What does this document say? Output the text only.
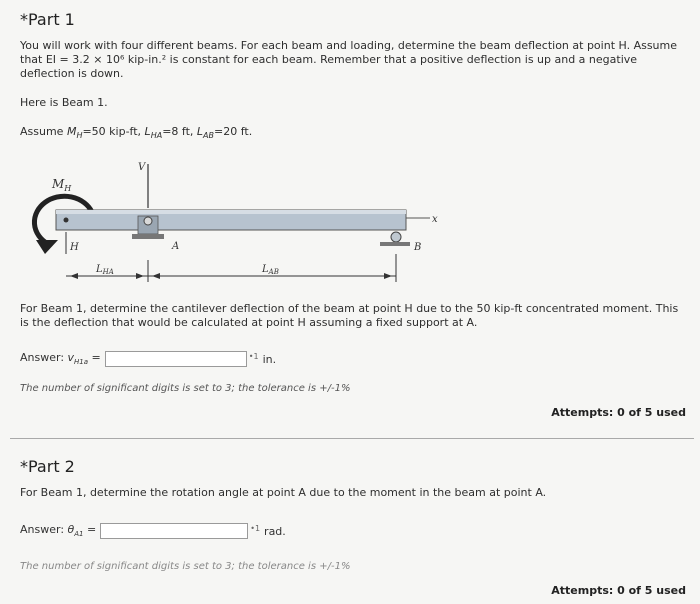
*Part 1
You will work with four different beams. For each beam and loading, determine the beam deflection at point H. Assume
that EI = 3.2 × 10⁶ kip-in.² is constant for each beam. Remember that a positive deflection is up and a negative
deflection is down.
Here is Beam 1.
Assume $M_H=50$ kip-ft, $L_{HA}=8$ ft, $L_{AB}=20$ ft.
V
$M_H$
x
A	B
H
$L_{HA}$	$L_{AB}$
For Beam 1, determine the cantilever deflection of the beam at point H due to the 50 kip-ft concentrated moment. This
is the deflection that would be calculated at point H assuming a fixed support at A.
Answer: $v_{H1a}$ =	•1 in.
The number of significant digits is set to 3; the tolerance is +/-1%
Attempts: 0 of 5 used
*Part 2
For Beam 1, determine the rotation angle at point A due to the moment in the beam at point A.
Answer: $\theta_{A1}$ =	•1 rad.
The number of significant digits is set to 3; the tolerance is +/-1%
Attempts: 0 of 5 used
